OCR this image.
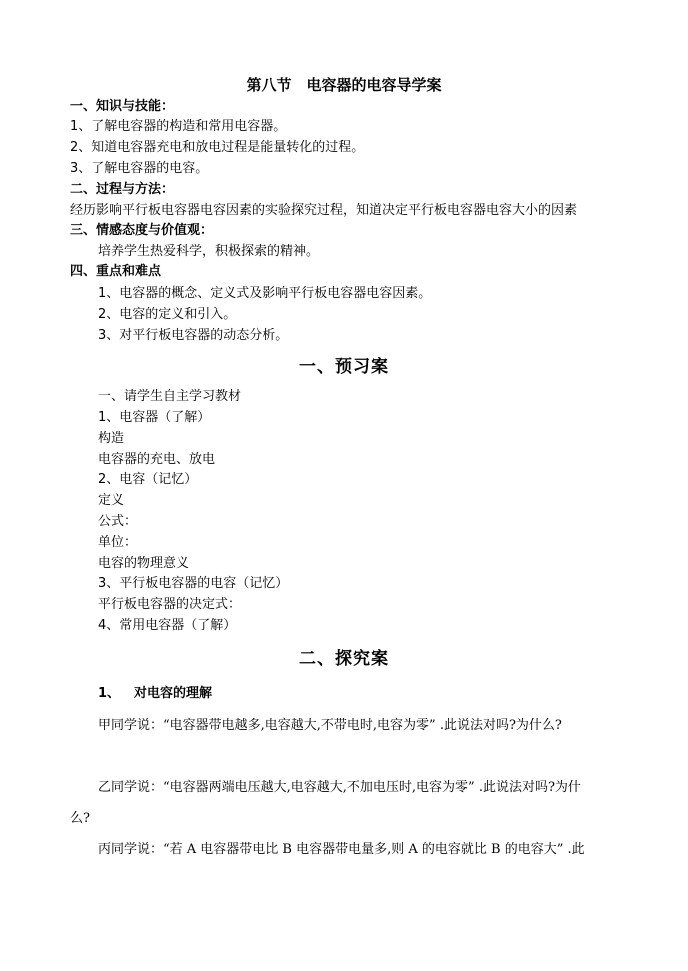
第八节　电容器的电容导学案
一、知识与技能：
1、了解电容器的构造和常用电容器。
2、知道电容器充电和放电过程是能量转化的过程。
3、了解电容器的电容。
二、过程与方法：
经历影响平行板电容器电容因素的实验探究过程，知道决定平行板电容器电容大小的因素
三、情感态度与价值观：
培养学生热爱科学，积极探索的精神。
四、重点和难点
1、电容器的概念、定义式及影响平行板电容器电容因素。
2、电容的定义和引入。
3、对平行板电容器的动态分析。
一、预习案
一、请学生自主学习教材
1、电容器（了解）
构造
电容器的充电、放电
2、电容（记忆）
定义
公式：
单位：
电容的物理意义
3、平行板电容器的电容（记忆）
平行板电容器的决定式：
4、常用电容器（了解）
二、探究案
1、 对电容的理解
甲同学说：“电容器带电越多,电容越大,不带电时,电容为零” .此说法对吗?为什么?
乙同学说：“电容器两端电压越大,电容越大,不加电压时,电容为零” .此说法对吗?为什
么?
丙同学说：“若 A 电容器带电比 B 电容器带电量多,则 A 的电容就比 B 的电容大” .此
